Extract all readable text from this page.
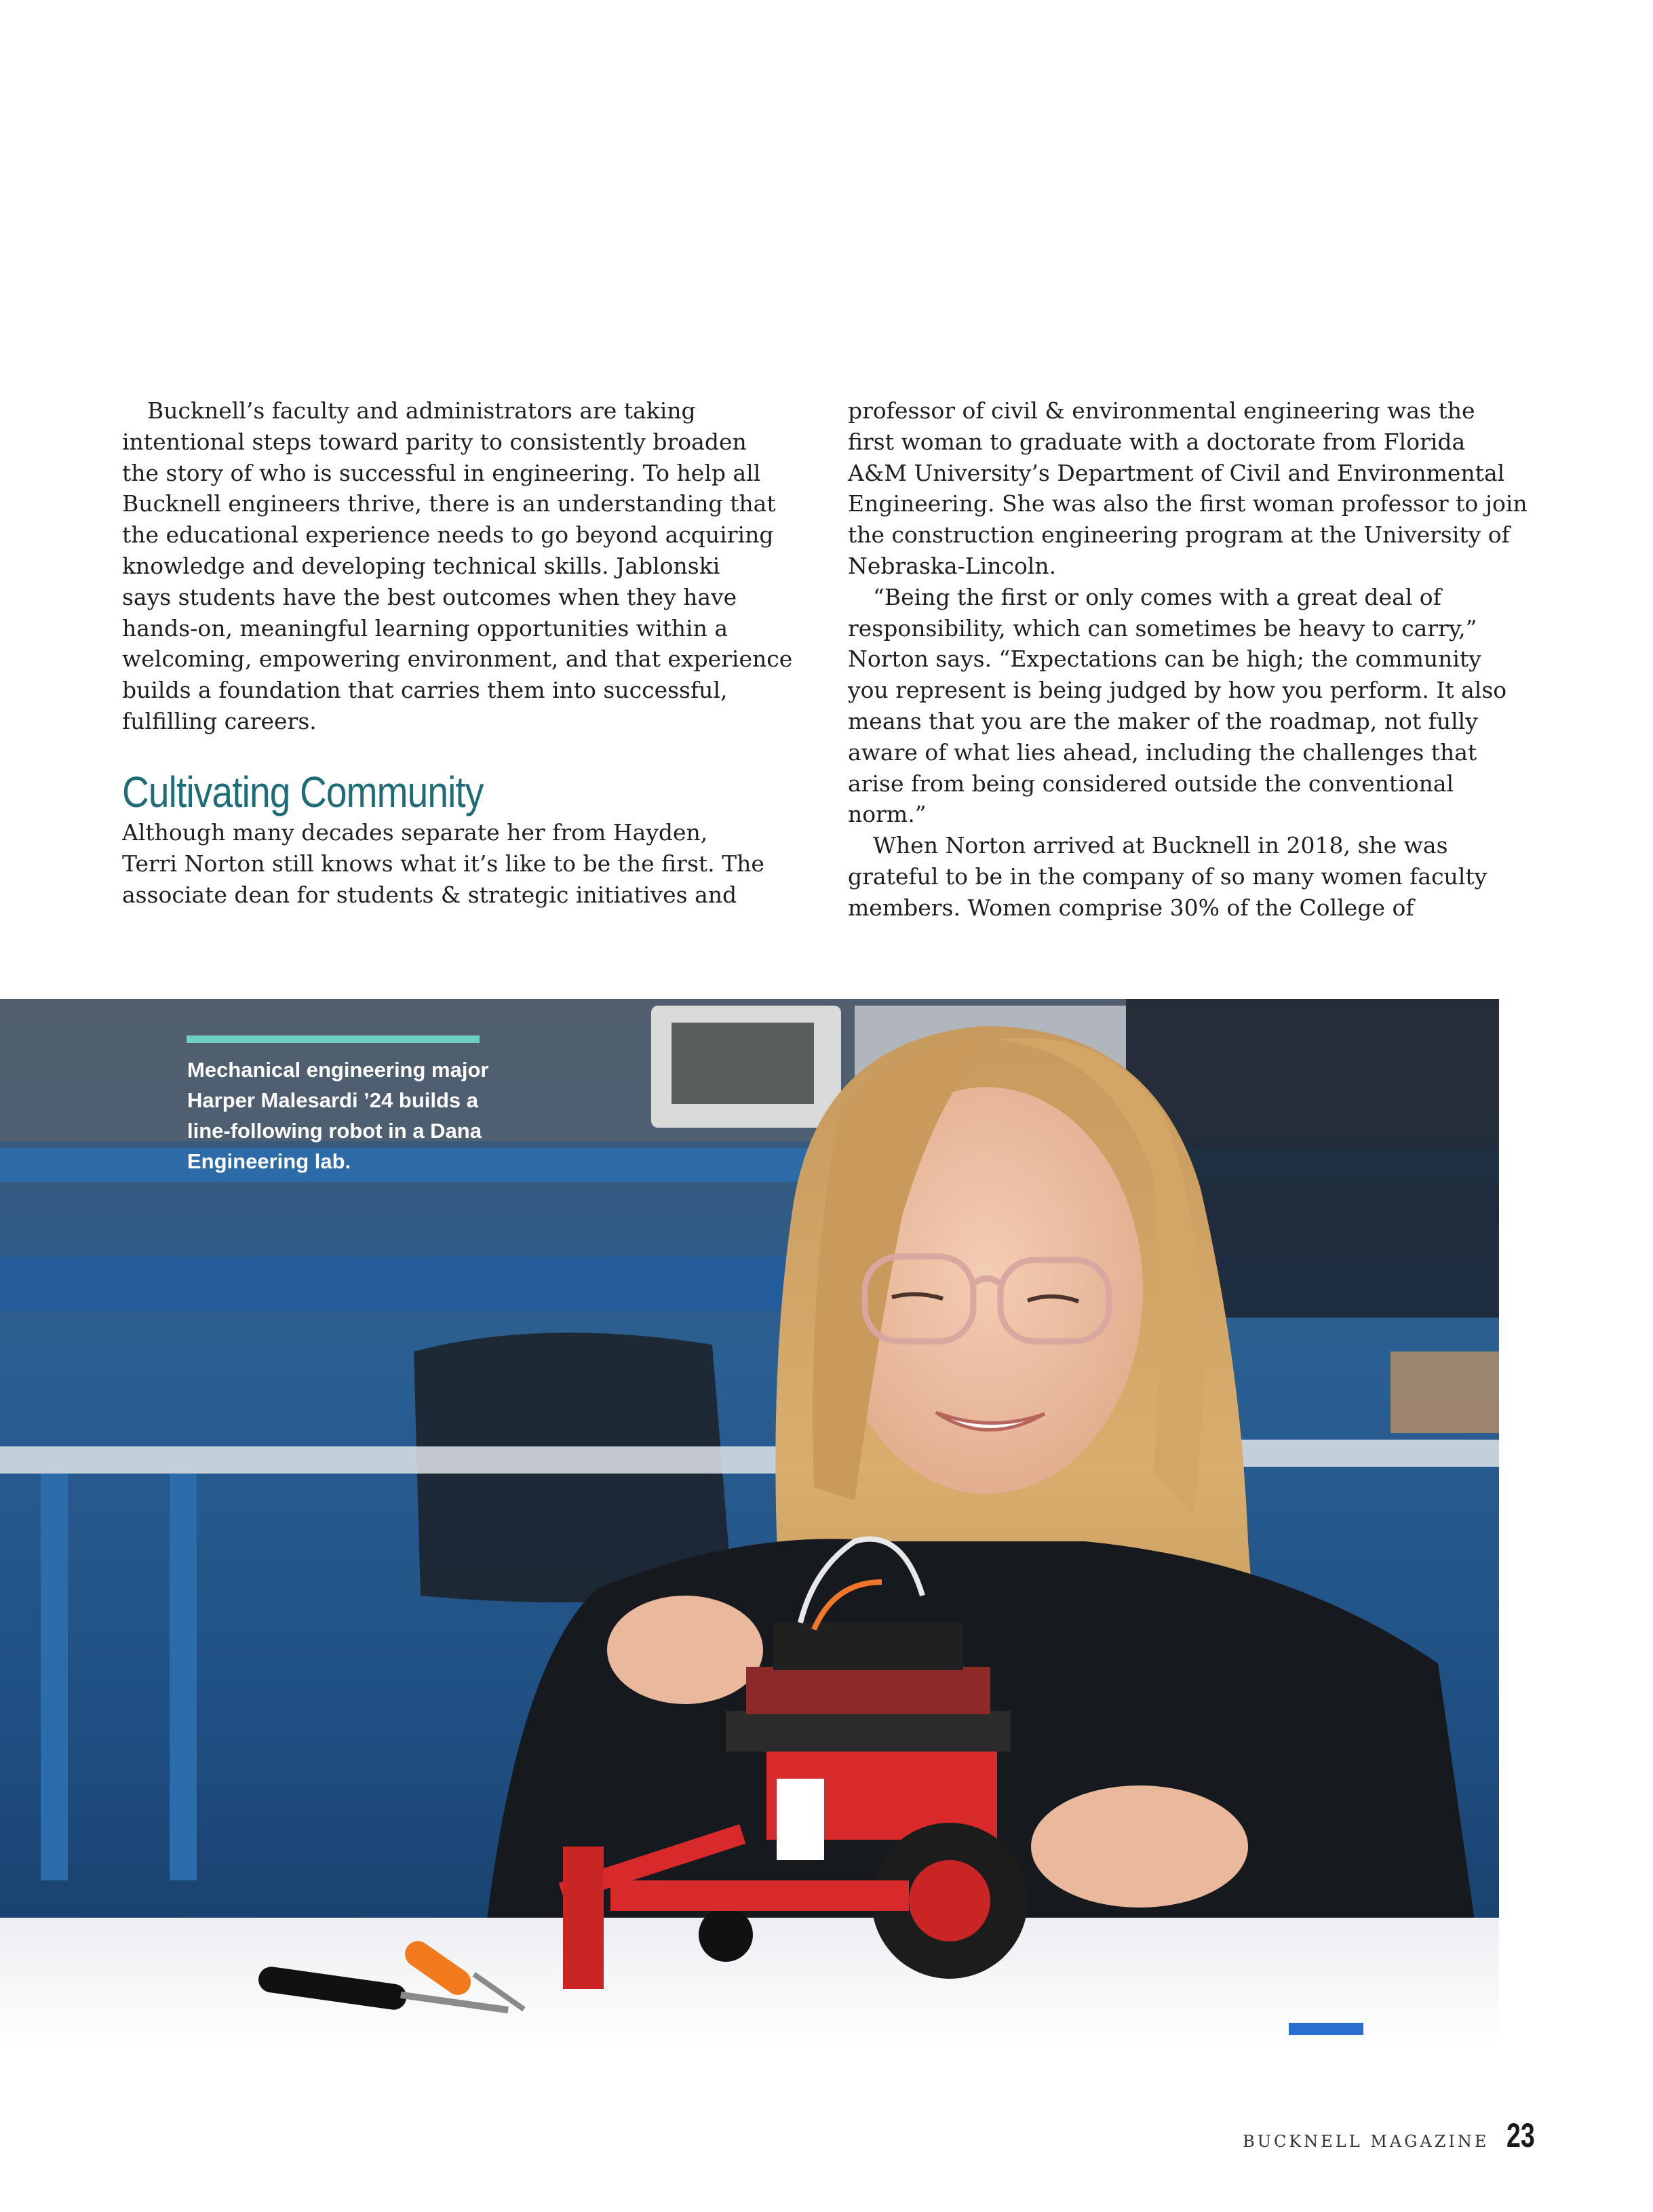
Bucknell’s faculty and administrators are taking
intentional steps toward parity to consistently broaden
the story of who is successful in engineering. To help all
Bucknell engineers thrive, there is an understanding that
the educational experience needs to go beyond acquiring
knowledge and developing technical skills. Jablonski
says students have the best outcomes when they have
hands-on, meaningful learning opportunities within a
welcoming, empowering environment, and that experience
builds a foundation that carries them into successful,
fulfilling careers.
Cultivating Community
Although many decades separate her from Hayden,
Terri Norton still knows what it’s like to be the first. The
associate dean for students & strategic initiatives and
professor of civil & environmental engineering was the
first woman to graduate with a doctorate from Florida
A&M University’s Department of Civil and Environmental
Engineering. She was also the first woman professor to join
the construction engineering program at the University of
Nebraska-Lincoln.
“Being the first or only comes with a great deal of
responsibility, which can sometimes be heavy to carry,”
Norton says. “Expectations can be high; the community
you represent is being judged by how you perform. It also
means that you are the maker of the roadmap, not fully
aware of what lies ahead, including the challenges that
arise from being considered outside the conventional
norm.”
When Norton arrived at Bucknell in 2018, she was
grateful to be in the company of so many women faculty
members. Women comprise 30% of the College of
Mechanical engineering major
Harper Malesardi ’24 builds a
line-following robot in a Dana
Engineering lab.
BUCKNELL MAGAZINE 23
